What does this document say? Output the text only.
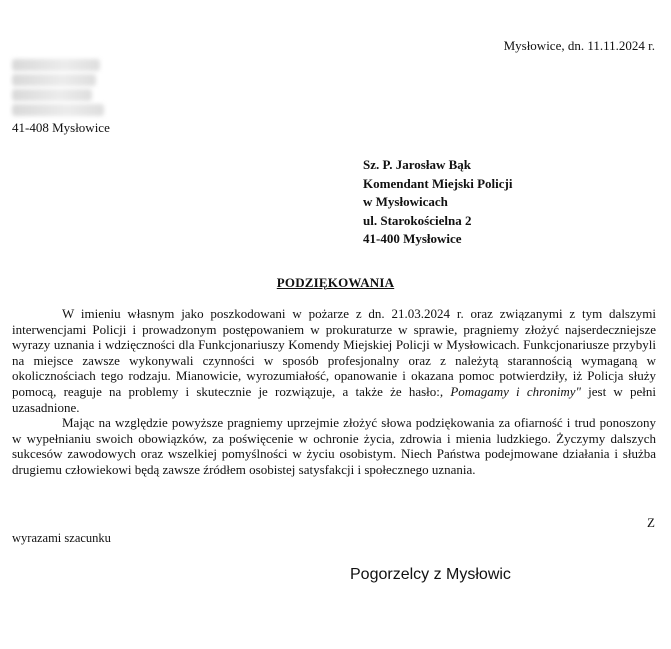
Mysłowice, dn. 11.11.2024 r.
41-408 Mysłowice
Sz. P. Jarosław Bąk
Komendant Miejski Policji
w Mysłowicach
ul. Starokościelna 2
41-400 Mysłowice
PODZIĘKOWANIA

W imieniu własnym jako poszkodowani w pożarze z dn. 21.03.2024 r. oraz związanymi z tym dalszymi interwencjami Policji i prowadzonym postępowaniem w prokuraturze w sprawie, pragniemy złożyć najserdeczniejsze wyrazy uznania i wdzięczności dla Funkcjonariuszy Komendy Miejskiej Policji w Mysłowicach. Funkcjonariusze przybyli na miejsce zawsze wykonywali czynności w sposób profesjonalny oraz z należytą starannością wymaganą w okolicznościach tego rodzaju. Mianowicie, wyrozumiałość, opanowanie i okazana pomoc potwierdziły, iż Policja służy pomocą, reaguje na problemy i skutecznie je rozwiązuje, a także że hasło:, Pomagamy i chronimy" jest w pełni uzasadnione.

Mając na względzie powyższe pragniemy uprzejmie złożyć słowa podziękowania za ofiarność i trud ponoszony w wypełnianiu swoich obowiązków, za poświęcenie w ochronie życia, zdrowia i mienia ludzkiego. Życzymy dalszych sukcesów zawodowych oraz wszelkiej pomyślności w życiu osobistym. Niech Państwa podejmowane działania i służba drugiemu człowiekowi będą zawsze źródłem osobistej satysfakcji i społecznego uznania.

Z
wyrazami szacunku
Pogorzelcy z Mysłowic
